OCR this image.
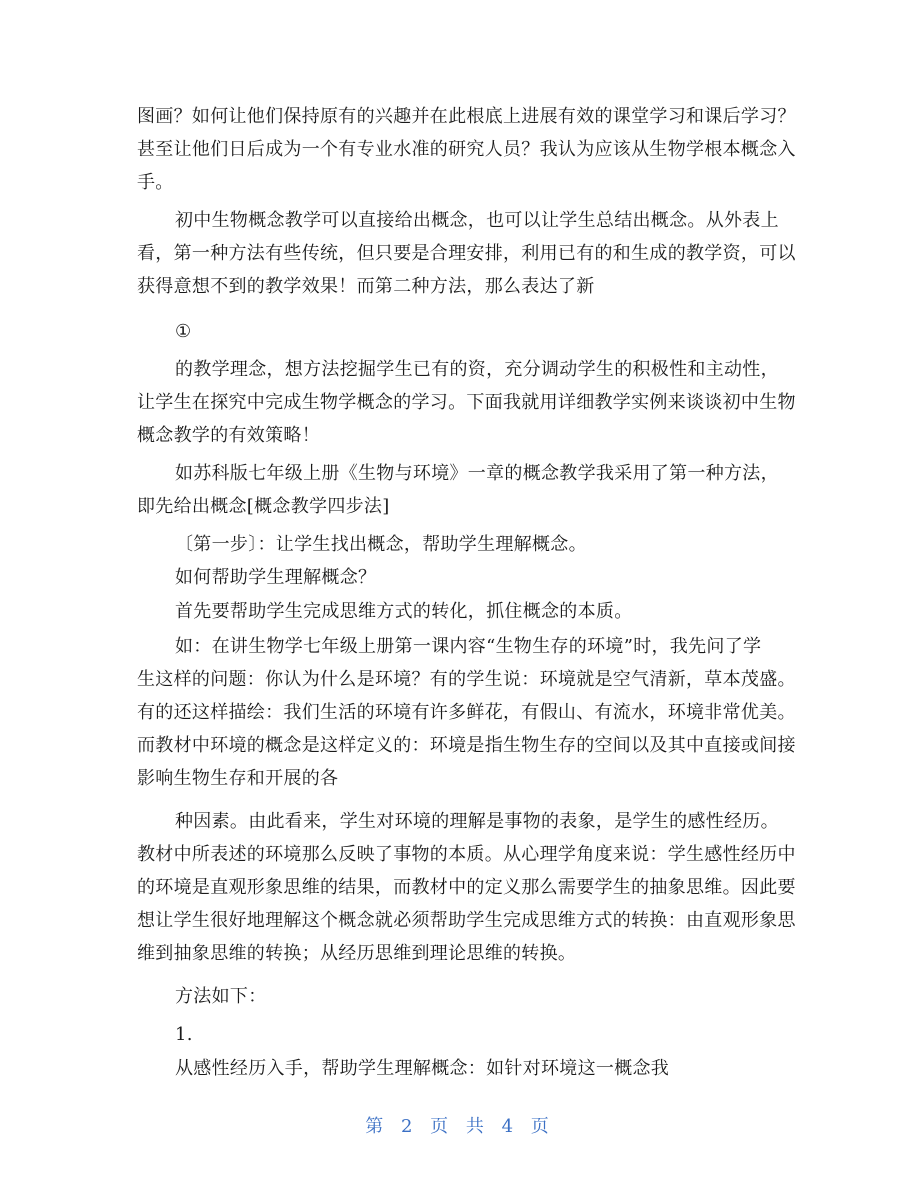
图画？如何让他们保持原有的兴趣并在此根底上进展有效的课堂学习和课后学习？
甚至让他们日后成为一个有专业水准的研究人员？我认为应该从生物学根本概念入
手。
初中生物概念教学可以直接给出概念，也可以让学生总结出概念。从外表上
看，第一种方法有些传统，但只要是合理安排，利用已有的和生成的教学资，可以
获得意想不到的教学效果！而第二种方法，那么表达了新
①
的教学理念，想方法挖掘学生已有的资，充分调动学生的积极性和主动性，
让学生在探究中完成生物学概念的学习。下面我就用详细教学实例来谈谈初中生物
概念教学的有效策略！
如苏科版七年级上册《生物与环境》一章的概念教学我采用了第一种方法，
即先给出概念[概念教学四步法]
〔第一步〕：让学生找出概念，帮助学生理解概念。
如何帮助学生理解概念？
首先要帮助学生完成思维方式的转化，抓住概念的本质。
如：在讲生物学七年级上册第一课内容“生物生存的环境”时，我先问了学
生这样的问题：你认为什么是环境？有的学生说：环境就是空气清新，草本茂盛。
有的还这样描绘：我们生活的环境有许多鲜花，有假山、有流水，环境非常优美。
而教材中环境的概念是这样定义的：环境是指生物生存的空间以及其中直接或间接
影响生物生存和开展的各
种因素。由此看来，学生对环境的理解是事物的表象，是学生的感性经历。
教材中所表述的环境那么反映了事物的本质。从心理学角度来说：学生感性经历中
的环境是直观形象思维的结果，而教材中的定义那么需要学生的抽象思维。因此要
想让学生很好地理解这个概念就必须帮助学生完成思维方式的转换：由直观形象思
维到抽象思维的转换；从经历思维到理论思维的转换。
方法如下：
1.
从感性经历入手，帮助学生理解概念：如针对环境这一概念我
第 2 页 共 4 页
